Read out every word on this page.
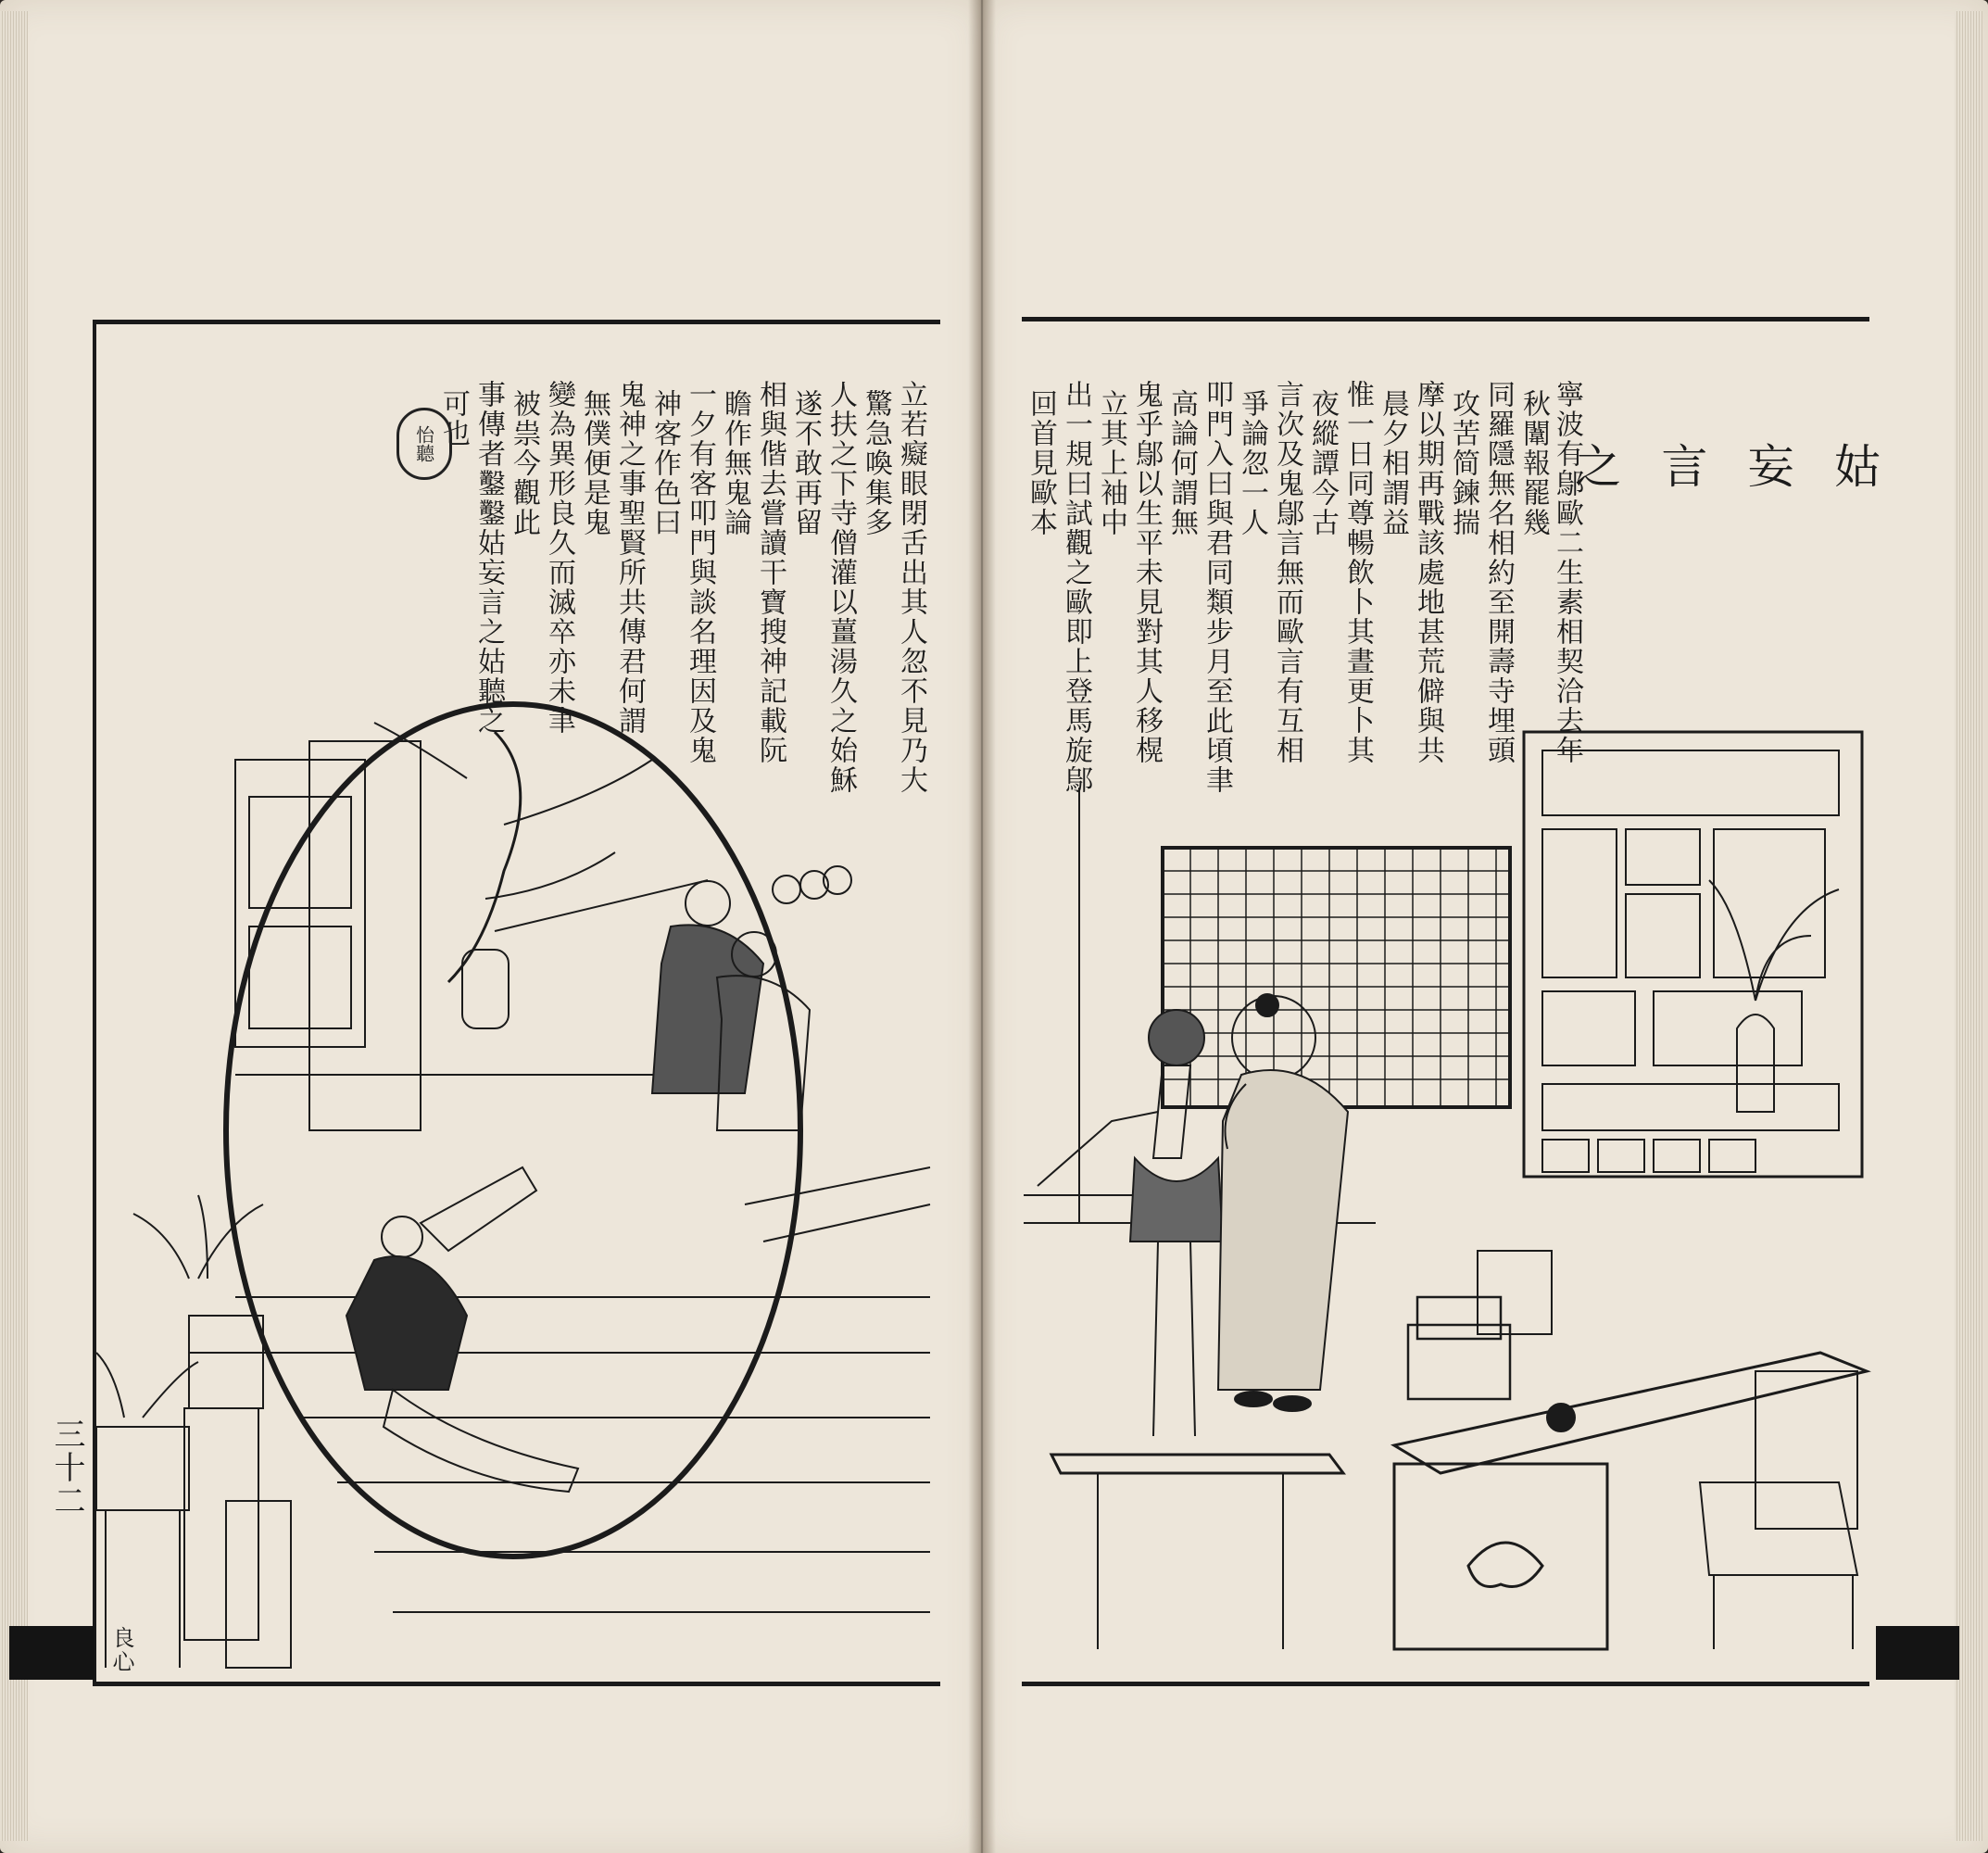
姑
妄
言
之
寧波有鄔歐二生素相契洽去年
秋闈報罷幾
同羅隱無名相約至開壽寺埋頭
攻苦简鍊揣
摩以期再戰該處地甚荒僻與共
晨夕相謂益
惟一日同尊暢飲卜其晝更卜其
夜縱譚今古
言次及鬼鄔言無而歐言有互相
爭論忽一人
叩門入曰與君同類步月至此頃聿
高論何謂無
鬼乎鄔以生平未見對其人移榥
立其上袖中
出一規曰試觀之歐即上登馬旋鄔
回首見歐本
立若癡眼閉舌出其人忽不見乃大
驚急喚集多
人扶之下寺僧灌以薑湯久之始穌
遂不敢再留
相與偕去嘗讀干寶搜神記載阮
瞻作無鬼論
一夕有客叩門與談名理因及鬼
神客作色曰
鬼神之事聖賢所共傳君何謂
無僕便是鬼
變為異形良久而滅卒亦未聿
被祟今觀此
事傳者鑿鑿姑妄言之姑聽之
可也
怡聽
三十二
良心
